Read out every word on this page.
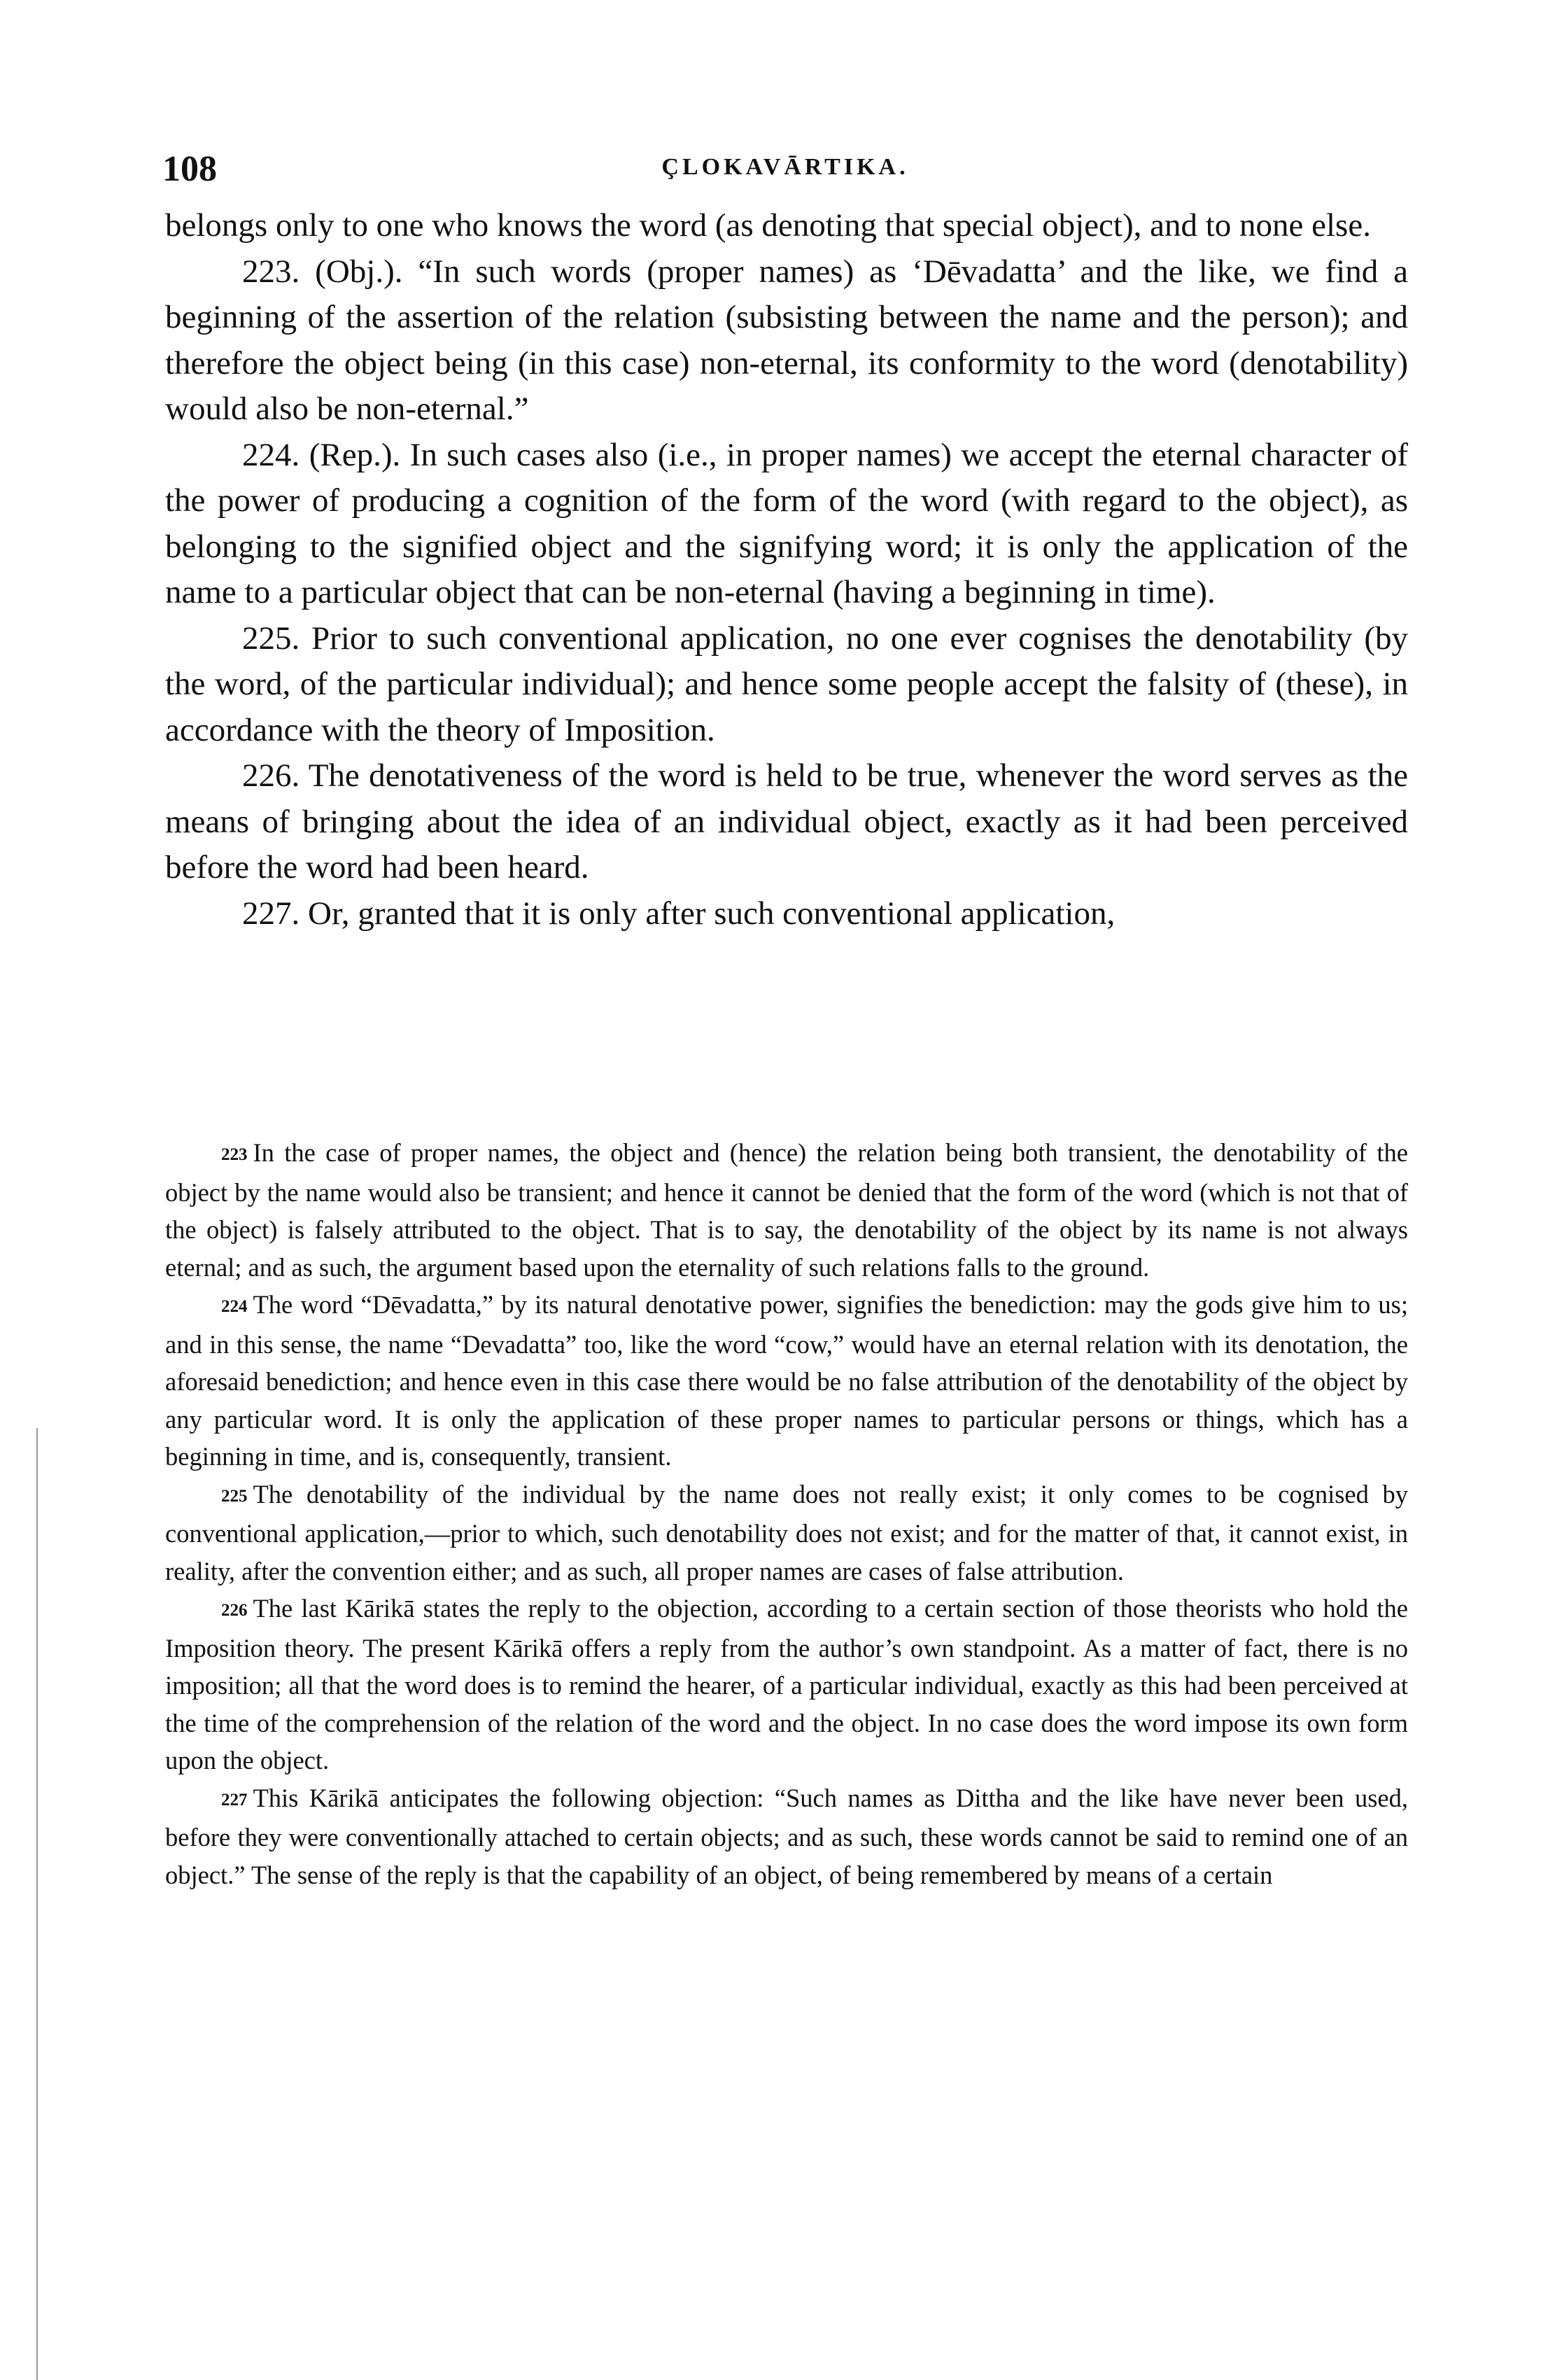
108	ÇLOKAVĀRTIKA.

belongs only to one who knows the word (as denoting that special object), and to none else.

223. (Obj.). “In such words (proper names) as ‘Dēvadatta’ and the like, we find a beginning of the assertion of the relation (subsisting between the name and the person); and therefore the object being (in this case) non-eternal, its conformity to the word (denotability) would also be non-eternal.”

224. (Rep.). In such cases also (i.e., in proper names) we accept the eternal character of the power of producing a cognition of the form of the word (with regard to the object), as belonging to the signified object and the signifying word; it is only the application of the name to a particular object that can be non-eternal (having a beginning in time).

225. Prior to such conventional application, no one ever cognises the denotability (by the word, of the particular individual); and hence some people accept the falsity of (these), in accordance with the theory of Imposition.

226. The denotativeness of the word is held to be true, whenever the word serves as the means of bringing about the idea of an individual object, exactly as it had been perceived before the word had been heard.

227. Or, granted that it is only after such conventional application,

223 In the case of proper names, the object and (hence) the relation being both transient, the denotability of the object by the name would also be transient; and hence it cannot be denied that the form of the word (which is not that of the object) is falsely attributed to the object. That is to say, the denotability of the object by its name is not always eternal; and as such, the argument based upon the eternality of such relations falls to the ground.

224 The word “Dēvadatta,” by its natural denotative power, signifies the benediction: may the gods give him to us; and in this sense, the name “Devadatta” too, like the word “cow,” would have an eternal relation with its denotation, the aforesaid benediction; and hence even in this case there would be no false attribution of the denotability of the object by any particular word. It is only the application of these proper names to particular persons or things, which has a beginning in time, and is, consequently, transient.

225 The denotability of the individual by the name does not really exist; it only comes to be cognised by conventional application,—prior to which, such denotability does not exist; and for the matter of that, it cannot exist, in reality, after the convention either; and as such, all proper names are cases of false attribution.

226 The last Kārikā states the reply to the objection, according to a certain section of those theorists who hold the Imposition theory. The present Kārikā offers a reply from the author’s own standpoint. As a matter of fact, there is no imposition; all that the word does is to remind the hearer, of a particular individual, exactly as this had been perceived at the time of the comprehension of the relation of the word and the object. In no case does the word impose its own form upon the object.

227 This Kārikā anticipates the following objection: “Such names as Dittha and the like have never been used, before they were conventionally attached to certain objects; and as such, these words cannot be said to remind one of an object.” The sense of the reply is that the capability of an object, of being remembered by means of a certain
